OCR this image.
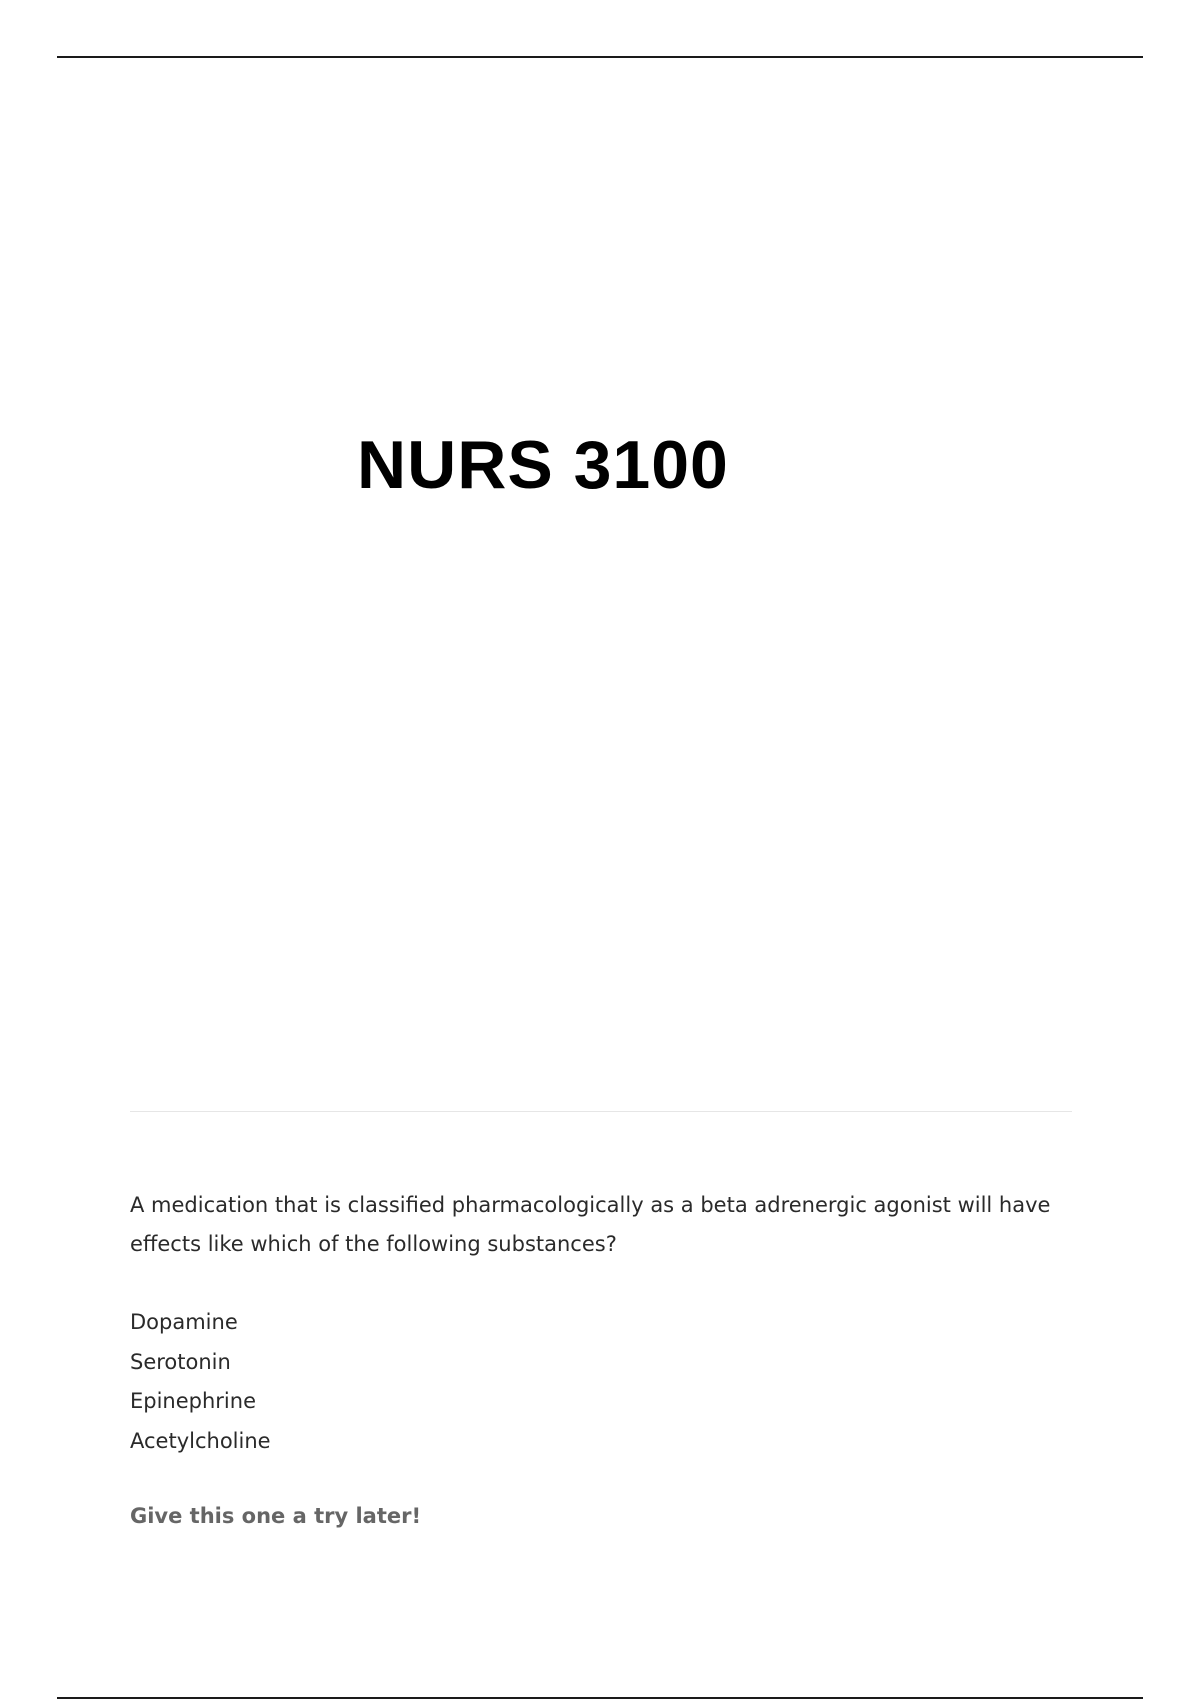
NURS 3100

A medication that is classified pharmacologically as a beta adrenergic agonist will have effects like which of the following substances?

Dopamine
Serotonin
Epinephrine
Acetylcholine
Give this one a try later!
